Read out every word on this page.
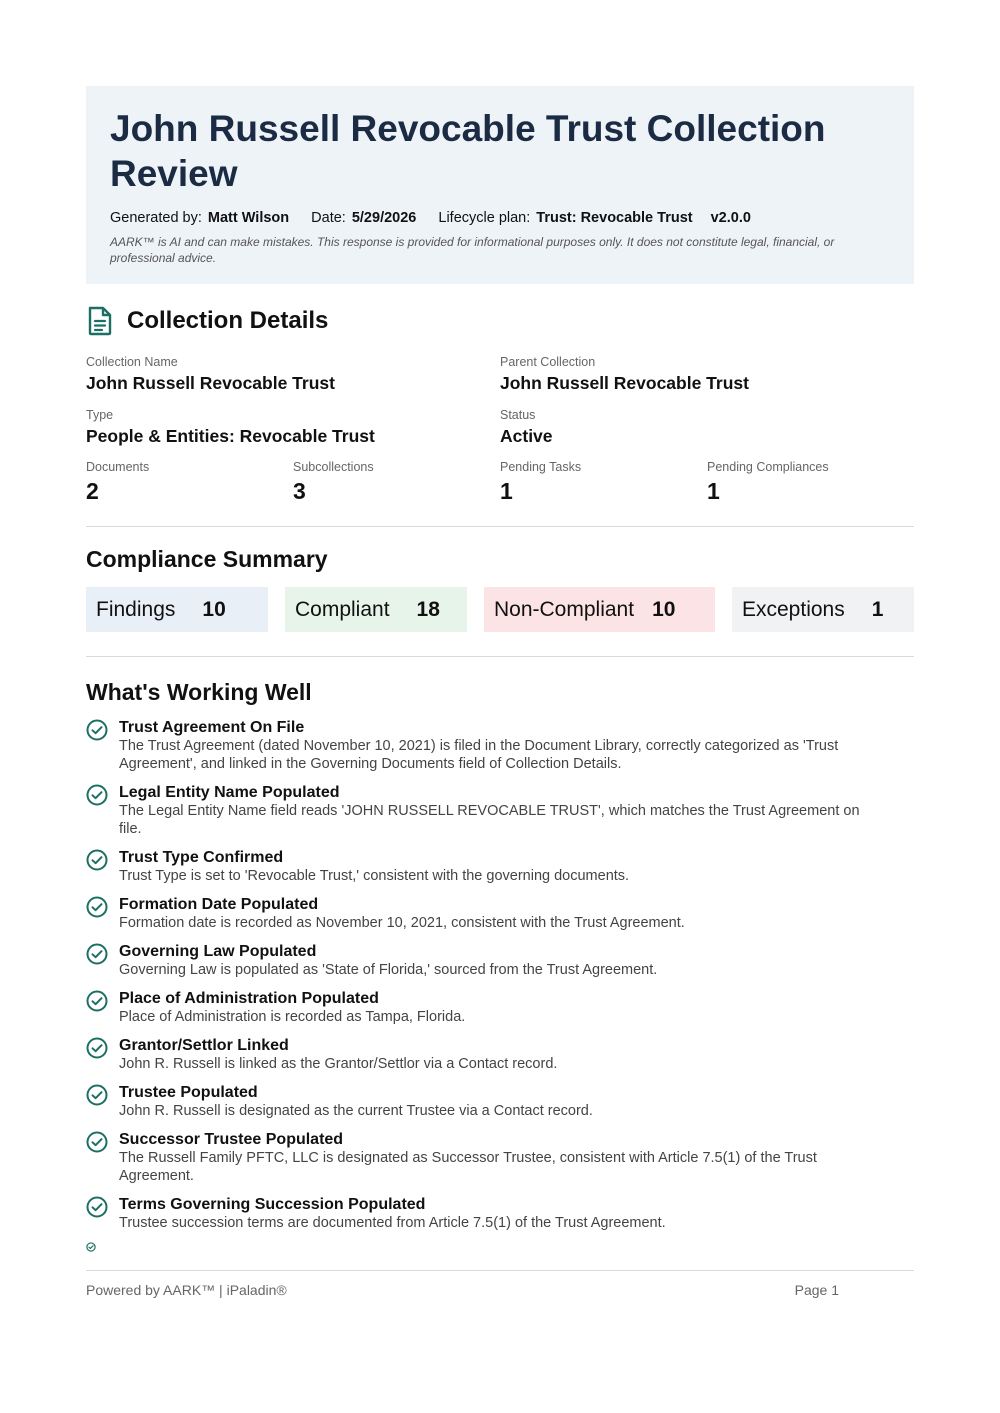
John Russell Revocable Trust Collection Review
Generated by: Matt Wilson Date: 5/29/2026 Lifecycle plan: Trust: Revocable Trust v2.0.0
AARK™ is AI and can make mistakes. This response is provided for informational purposes only. It does not constitute legal, financial, or professional advice.
Collection Details
Collection Name
John Russell Revocable Trust
Parent Collection
John Russell Revocable Trust
Type
People & Entities: Revocable Trust
Status
Active
Documents
2
Subcollections
3
Pending Tasks
1
Pending Compliances
1
Compliance Summary
Findings 10	Compliant 18	Non-Compliant 10	Exceptions 1
What's Working Well
Trust Agreement On File
The Trust Agreement (dated November 10, 2021) is filed in the Document Library, correctly categorized as 'Trust Agreement', and linked in the Governing Documents field of Collection Details.
Legal Entity Name Populated
The Legal Entity Name field reads 'JOHN RUSSELL REVOCABLE TRUST', which matches the Trust Agreement on file.
Trust Type Confirmed
Trust Type is set to 'Revocable Trust,' consistent with the governing documents.
Formation Date Populated
Formation date is recorded as November 10, 2021, consistent with the Trust Agreement.
Governing Law Populated
Governing Law is populated as 'State of Florida,' sourced from the Trust Agreement.
Place of Administration Populated
Place of Administration is recorded as Tampa, Florida.
Grantor/Settlor Linked
John R. Russell is linked as the Grantor/Settlor via a Contact record.
Trustee Populated
John R. Russell is designated as the current Trustee via a Contact record.
Successor Trustee Populated
The Russell Family PFTC, LLC is designated as Successor Trustee, consistent with Article 7.5(1) of the Trust Agreement.
Terms Governing Succession Populated
Trustee succession terms are documented from Article 7.5(1) of the Trust Agreement.
Powered by AARK™ | iPaladin®	Page 1
